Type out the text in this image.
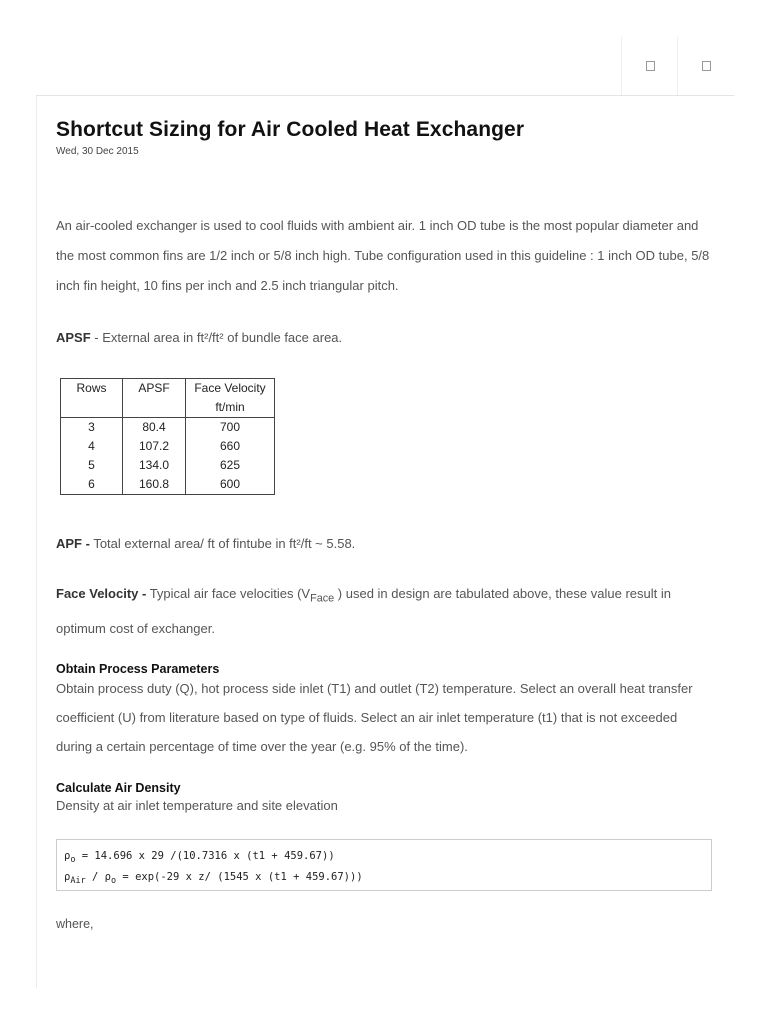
Shortcut Sizing for Air Cooled Heat Exchanger
Wed, 30 Dec 2015

An air-cooled exchanger is used to cool fluids with ambient air. 1 inch OD tube is the most popular diameter and the most common fins are 1/2 inch or 5/8 inch high. Tube configuration used in this guideline : 1 inch OD tube, 5/8 inch fin height, 10 fins per inch and 2.5 inch triangular pitch.

APSF - External area in ft²/ft² of bundle face area.

Rows	APSF	Face Velocity ft/min
3	80.4	700
4	107.2	660
5	134.0	625
6	160.8	600

APF - Total external area/ ft of fintube in ft²/ft ~ 5.58.

Face Velocity - Typical air face velocities ($V_{Face}$ ) used in design are tabulated above, these value result in optimum cost of exchanger.

Obtain Process Parameters

Obtain process duty (Q), hot process side inlet (T1) and outlet (T2) temperature. Select an overall heat transfer coefficient (U) from literature based on type of fluids. Select an air inlet temperature (t1) that is not exceeded during a certain percentage of time over the year (e.g. 95% of the time).

Calculate Air Density

Density at air inlet temperature and site elevation

$\rho_o = 14.696$ x 29 /(10.7316 x (t1 + 459.67))
$\rho_{Air} / \rho_o = \exp(-29$ x z/ (1545 x (t1 + 459.67)))
where,
